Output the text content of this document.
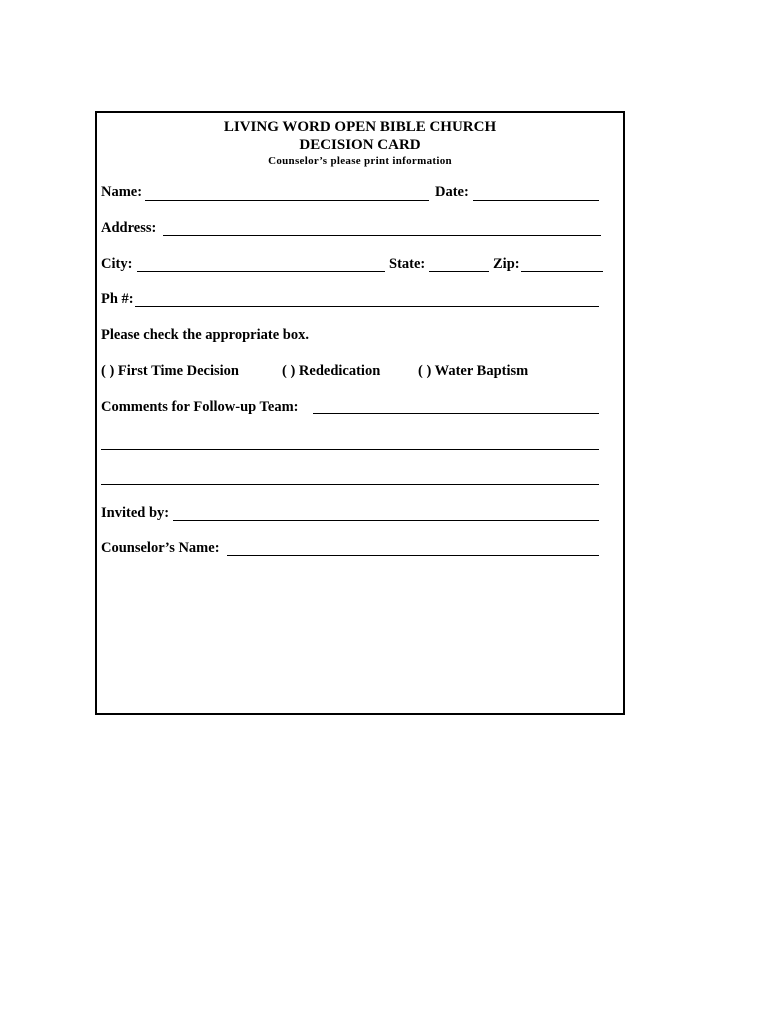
LIVING WORD OPEN BIBLE CHURCH
DECISION CARD
Counselor’s please print information
Name:	Date:
Address:
City:	State:	Zip:
Ph #:
Please check the appropriate box.
( ) First Time Decision	( ) Rededication	( ) Water Baptism
Comments for Follow-up Team:
Invited by:
Counselor’s Name:
